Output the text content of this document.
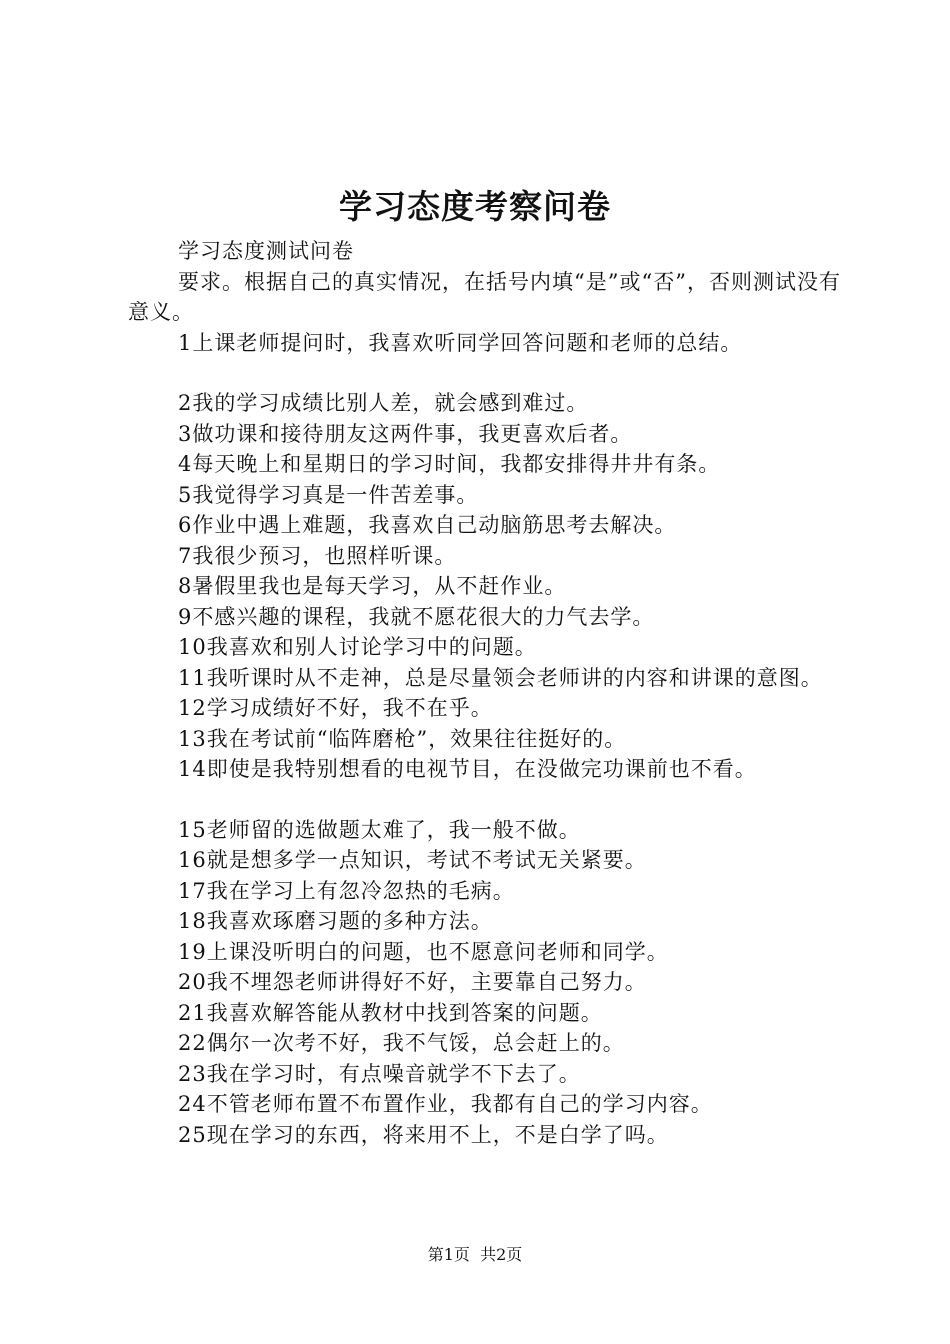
学习态度考察问卷

学习态度测试问卷

要求。根据自己的真实情况，在括号内填“是”或“否”，否则测试没有意义。

1上课老师提问时，我喜欢听同学回答问题和老师的总结。

2我的学习成绩比别人差，就会感到难过。

3做功课和接待朋友这两件事，我更喜欢后者。

4每天晚上和星期日的学习时间，我都安排得井井有条。

5我觉得学习真是一件苦差事。

6作业中遇上难题，我喜欢自己动脑筋思考去解决。

7我很少预习，也照样听课。

8暑假里我也是每天学习，从不赶作业。

9不感兴趣的课程，我就不愿花很大的力气去学。

10我喜欢和别人讨论学习中的问题。

11我听课时从不走神，总是尽量领会老师讲的内容和讲课的意图。

12学习成绩好不好，我不在乎。

13我在考试前“临阵磨枪”，效果往往挺好的。

14即使是我特别想看的电视节目，在没做完功课前也不看。

15老师留的选做题太难了，我一般不做。

16就是想多学一点知识，考试不考试无关紧要。

17我在学习上有忽冷忽热的毛病。

18我喜欢琢磨习题的多种方法。

19上课没听明白的问题，也不愿意问老师和同学。

20我不埋怨老师讲得好不好，主要靠自己努力。

21我喜欢解答能从教材中找到答案的问题。

22偶尔一次考不好，我不气馁，总会赶上的。

23我在学习时，有点噪音就学不下去了。

24不管老师布置不布置作业，我都有自己的学习内容。

25现在学习的东西，将来用不上，不是白学了吗。

第1页  共2页
